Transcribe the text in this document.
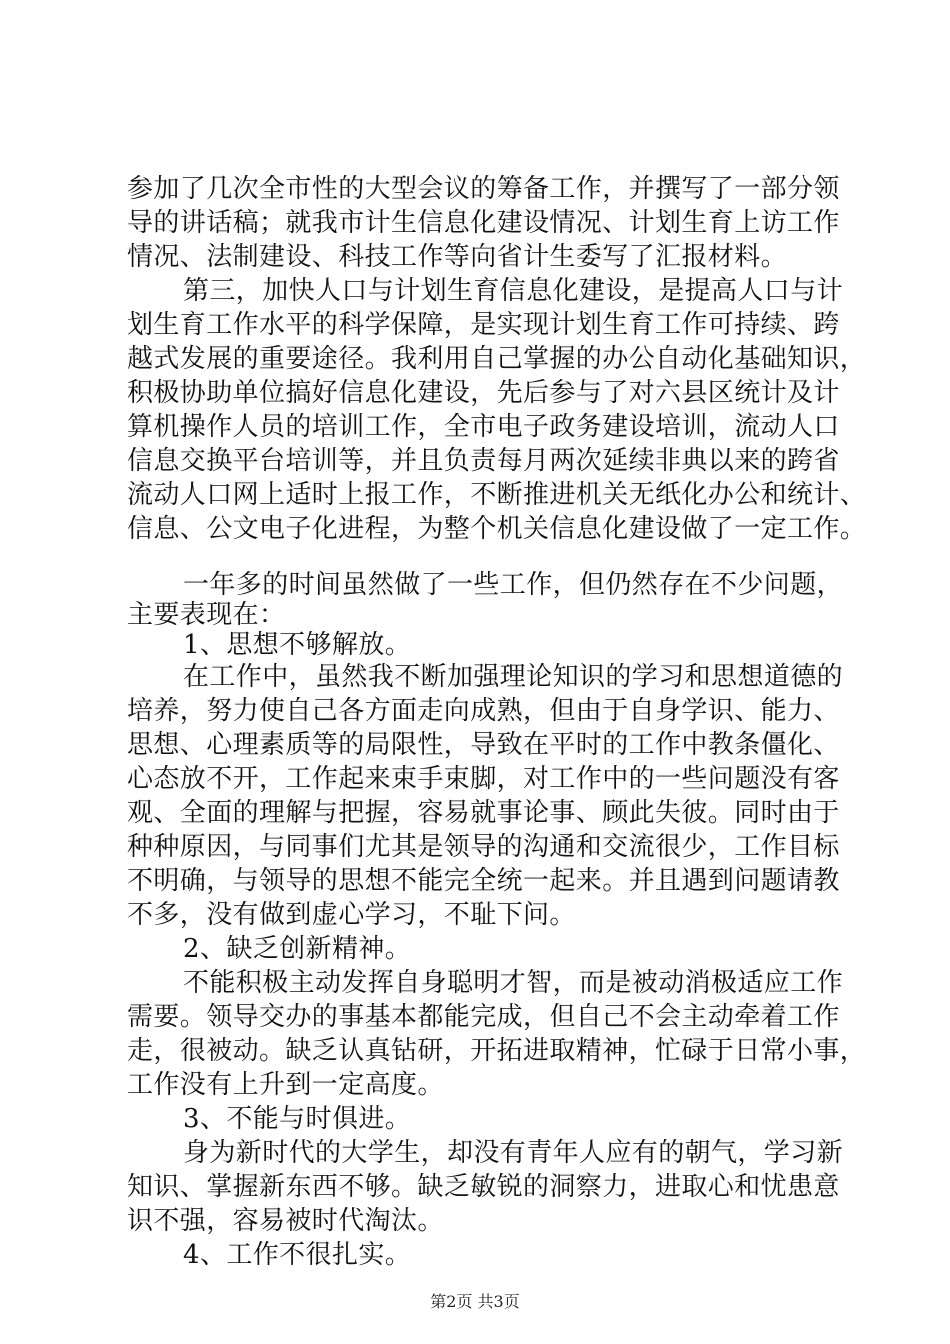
参加了几次全市性的大型会议的筹备工作，并撰写了一部分领
导的讲话稿；就我市计生信息化建设情况、计划生育上访工作
情况、法制建设、科技工作等向省计生委写了汇报材料。
第三，加快人口与计划生育信息化建设，是提高人口与计
划生育工作水平的科学保障，是实现计划生育工作可持续、跨
越式发展的重要途径。我利用自己掌握的办公自动化基础知识，
积极协助单位搞好信息化建设，先后参与了对六县区统计及计
算机操作人员的培训工作，全市电子政务建设培训，流动人口
信息交换平台培训等，并且负责每月两次延续非典以来的跨省
流动人口网上适时上报工作，不断推进机关无纸化办公和统计、
信息、公文电子化进程，为整个机关信息化建设做了一定工作。
一年多的时间虽然做了一些工作，但仍然存在不少问题，
主要表现在：
1、思想不够解放。
在工作中，虽然我不断加强理论知识的学习和思想道德的
培养，努力使自己各方面走向成熟，但由于自身学识、能力、
思想、心理素质等的局限性，导致在平时的工作中教条僵化、
心态放不开，工作起来束手束脚，对工作中的一些问题没有客
观、全面的理解与把握，容易就事论事、顾此失彼。同时由于
种种原因，与同事们尤其是领导的沟通和交流很少，工作目标
不明确，与领导的思想不能完全统一起来。并且遇到问题请教
不多，没有做到虚心学习，不耻下问。
2、缺乏创新精神。
不能积极主动发挥自身聪明才智，而是被动消极适应工作
需要。领导交办的事基本都能完成，但自己不会主动牵着工作
走，很被动。缺乏认真钻研，开拓进取精神，忙碌于日常小事，
工作没有上升到一定高度。
3、不能与时俱进。
身为新时代的大学生，却没有青年人应有的朝气，学习新
知识、掌握新东西不够。缺乏敏锐的洞察力，进取心和忧患意
识不强，容易被时代淘汰。
4、工作不很扎实。
第2页 共3页
